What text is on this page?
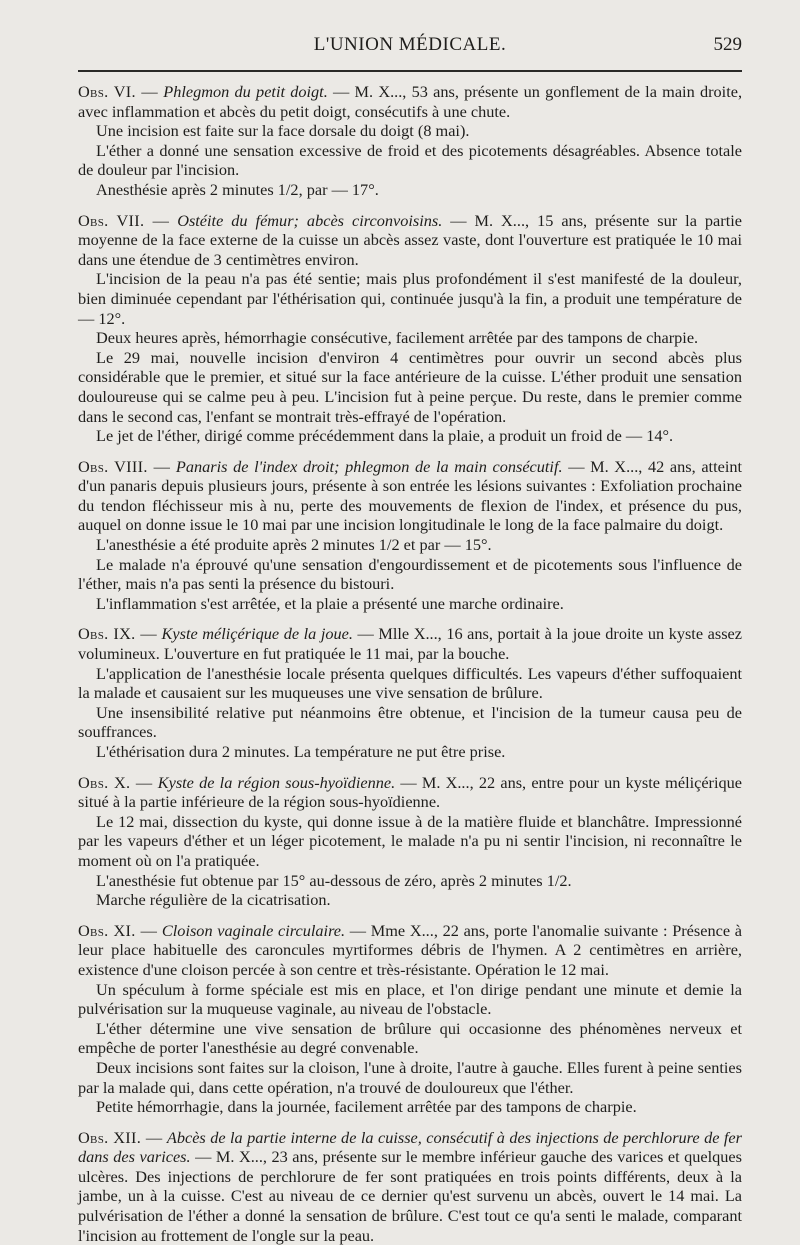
L'UNION MÉDICALE.	529

Obs. VI. — Phlegmon du petit doigt. — M. X..., 53 ans, présente un gonflement de la main droite, avec inflammation et abcès du petit doigt, consécutifs à une chute.

Une incision est faite sur la face dorsale du doigt (8 mai).

L'éther a donné une sensation excessive de froid et des picotements désagréables. Absence totale de douleur par l'incision.

Anesthésie après 2 minutes 1/2, par — 17°.

Obs. VII. — Ostéite du fémur; abcès circonvoisins. — M. X..., 15 ans, présente sur la partie moyenne de la face externe de la cuisse un abcès assez vaste, dont l'ouverture est pratiquée le 10 mai dans une étendue de 3 centimètres environ.

L'incision de la peau n'a pas été sentie; mais plus profondément il s'est manifesté de la douleur, bien diminuée cependant par l'éthérisation qui, continuée jusqu'à la fin, a produit une température de — 12°.

Deux heures après, hémorrhagie consécutive, facilement arrêtée par des tampons de charpie.

Le 29 mai, nouvelle incision d'environ 4 centimètres pour ouvrir un second abcès plus considérable que le premier, et situé sur la face antérieure de la cuisse. L'éther produit une sensation douloureuse qui se calme peu à peu. L'incision fut à peine perçue. Du reste, dans le premier comme dans le second cas, l'enfant se montrait très-effrayé de l'opération.

Le jet de l'éther, dirigé comme précédemment dans la plaie, a produit un froid de — 14°.

Obs. VIII. — Panaris de l'index droit; phlegmon de la main consécutif. — M. X..., 42 ans, atteint d'un panaris depuis plusieurs jours, présente à son entrée les lésions suivantes : Exfoliation prochaine du tendon fléchisseur mis à nu, perte des mouvements de flexion de l'index, et présence du pus, auquel on donne issue le 10 mai par une incision longitudinale le long de la face palmaire du doigt.

L'anesthésie a été produite après 2 minutes 1/2 et par — 15°.

Le malade n'a éprouvé qu'une sensation d'engourdissement et de picotements sous l'influence de l'éther, mais n'a pas senti la présence du bistouri.

L'inflammation s'est arrêtée, et la plaie a présenté une marche ordinaire.

Obs. IX. — Kyste méliçérique de la joue. — Mlle X..., 16 ans, portait à la joue droite un kyste assez volumineux. L'ouverture en fut pratiquée le 11 mai, par la bouche.

L'application de l'anesthésie locale présenta quelques difficultés. Les vapeurs d'éther suffoquaient la malade et causaient sur les muqueuses une vive sensation de brûlure.

Une insensibilité relative put néanmoins être obtenue, et l'incision de la tumeur causa peu de souffrances.

L'éthérisation dura 2 minutes. La température ne put être prise.

Obs. X. — Kyste de la région sous-hyoïdienne. — M. X..., 22 ans, entre pour un kyste méliçérique situé à la partie inférieure de la région sous-hyoïdienne.

Le 12 mai, dissection du kyste, qui donne issue à de la matière fluide et blanchâtre. Impressionné par les vapeurs d'éther et un léger picotement, le malade n'a pu ni sentir l'incision, ni reconnaître le moment où on l'a pratiquée.

L'anesthésie fut obtenue par 15° au-dessous de zéro, après 2 minutes 1/2.

Marche régulière de la cicatrisation.

Obs. XI. — Cloison vaginale circulaire. — Mme X..., 22 ans, porte l'anomalie suivante : Présence à leur place habituelle des caroncules myrtiformes débris de l'hymen. A 2 centimètres en arrière, existence d'une cloison percée à son centre et très-résistante. Opération le 12 mai.

Un spéculum à forme spéciale est mis en place, et l'on dirige pendant une minute et demie la pulvérisation sur la muqueuse vaginale, au niveau de l'obstacle.

L'éther détermine une vive sensation de brûlure qui occasionne des phénomènes nerveux et empêche de porter l'anesthésie au degré convenable.

Deux incisions sont faites sur la cloison, l'une à droite, l'autre à gauche. Elles furent à peine senties par la malade qui, dans cette opération, n'a trouvé de douloureux que l'éther.

Petite hémorrhagie, dans la journée, facilement arrêtée par des tampons de charpie.

Obs. XII. — Abcès de la partie interne de la cuisse, consécutif à des injections de perchlorure de fer dans des varices. — M. X..., 23 ans, présente sur le membre inférieur gauche des varices et quelques ulcères. Des injections de perchlorure de fer sont pratiquées en trois points différents, deux à la jambe, un à la cuisse. C'est au niveau de ce dernier qu'est survenu un abcès, ouvert le 14 mai. La pulvérisation de l'éther a donné la sensation de brûlure. C'est tout ce qu'a senti le malade, comparant l'incision au frottement de l'ongle sur la peau.
